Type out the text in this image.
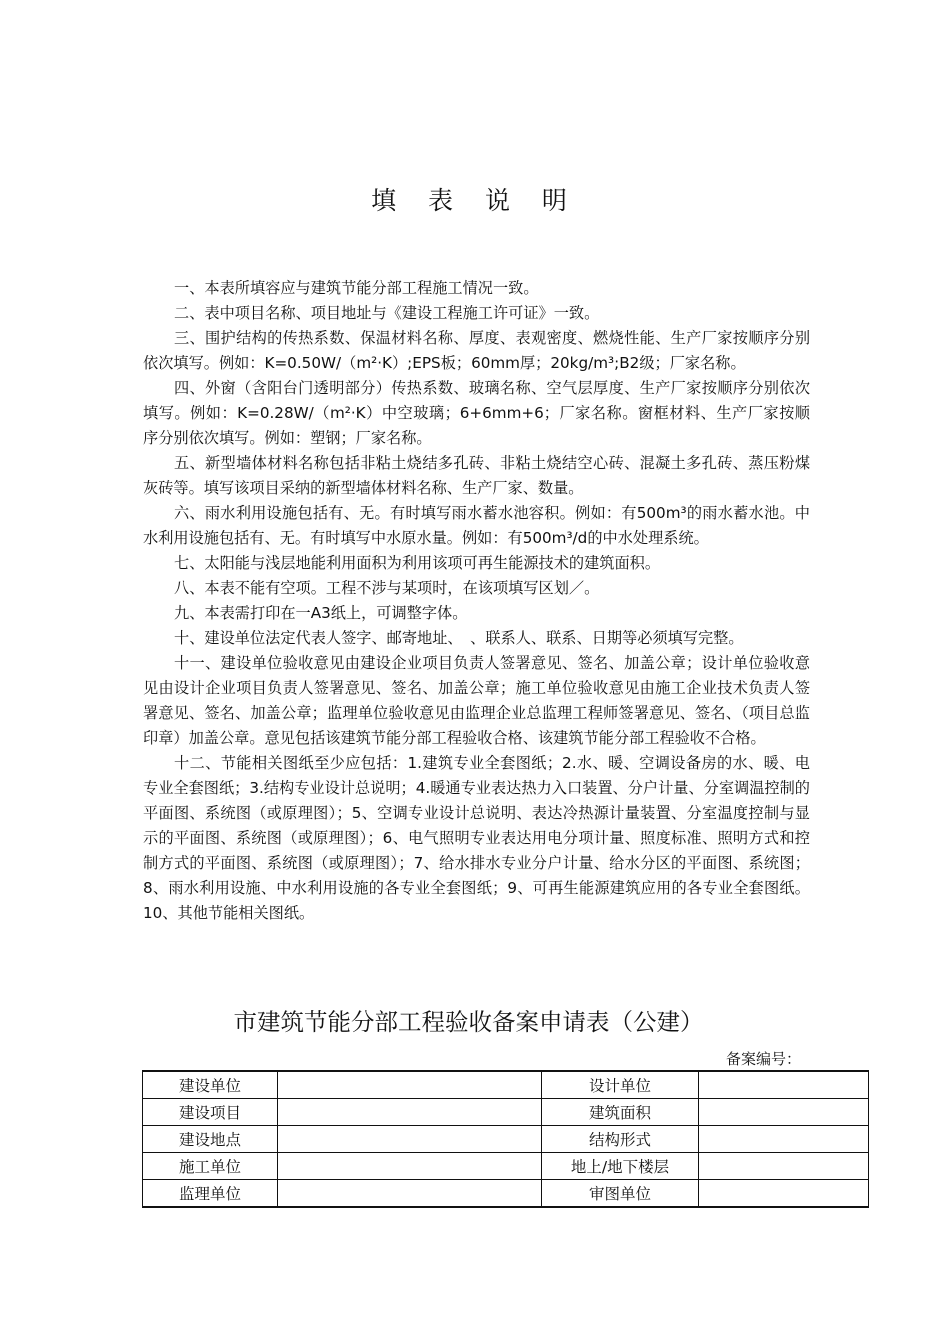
填 表 说 明

一、本表所填容应与建筑节能分部工程施工情况一致。

二、表中项目名称、项目地址与《建设工程施工许可证》一致。

三、围护结构的传热系数、保温材料名称、厚度、表观密度、燃烧性能、生产厂家按顺序分别依次填写。例如：K=0.50W/（m²·K）;EPS板；60mm厚；20kg/m³;B2级；厂家名称。

四、外窗（含阳台门透明部分）传热系数、玻璃名称、空气层厚度、生产厂家按顺序分别依次填写。例如：K=0.28W/（m²·K）中空玻璃；6+6mm+6；厂家名称。窗框材料、生产厂家按顺序分别依次填写。例如：塑钢；厂家名称。

五、新型墙体材料名称包括非粘土烧结多孔砖、非粘土烧结空心砖、混凝土多孔砖、蒸压粉煤灰砖等。填写该项目采纳的新型墙体材料名称、生产厂家、数量。

六、雨水利用设施包括有、无。有时填写雨水蓄水池容积。例如：有500m³的雨水蓄水池。中水利用设施包括有、无。有时填写中水原水量。例如：有500m³/d的中水处理系统。

七、太阳能与浅层地能利用面积为利用该项可再生能源技术的建筑面积。

八、本表不能有空项。工程不涉与某项时，在该项填写区划／。

九、本表需打印在一A3纸上，可调整字体。

十、建设单位法定代表人签字、邮寄地址、　、联系人、联系、日期等必须填写完整。

十一、建设单位验收意见由建设企业项目负责人签署意见、签名、加盖公章；设计单位验收意见由设计企业项目负责人签署意见、签名、加盖公章；施工单位验收意见由施工企业技术负责人签署意见、签名、加盖公章；监理单位验收意见由监理企业总监理工程师签署意见、签名、（项目总监印章）加盖公章。意见包括该建筑节能分部工程验收合格、该建筑节能分部工程验收不合格。

十二、节能相关图纸至少应包括：1.建筑专业全套图纸；2.水、暖、空调设备房的水、暖、电专业全套图纸；3.结构专业设计总说明；4.暖通专业表达热力入口装置、分户计量、分室调温控制的平面图、系统图（或原理图）；5、空调专业设计总说明、表达冷热源计量装置、分室温度控制与显示的平面图、系统图（或原理图）；6、电气照明专业表达用电分项计量、照度标准、照明方式和控制方式的平面图、系统图（或原理图）；7、给水排水专业分户计量、给水分区的平面图、系统图；8、雨水利用设施、中水利用设施的各专业全套图纸；9、可再生能源建筑应用的各专业全套图纸。10、其他节能相关图纸。

市建筑节能分部工程验收备案申请表（公建）
备案编号：
建设单位		设计单位	
建设项目		建筑面积	
建设地点		结构形式	
施工单位		地上/地下楼层	
监理单位		审图单位	
